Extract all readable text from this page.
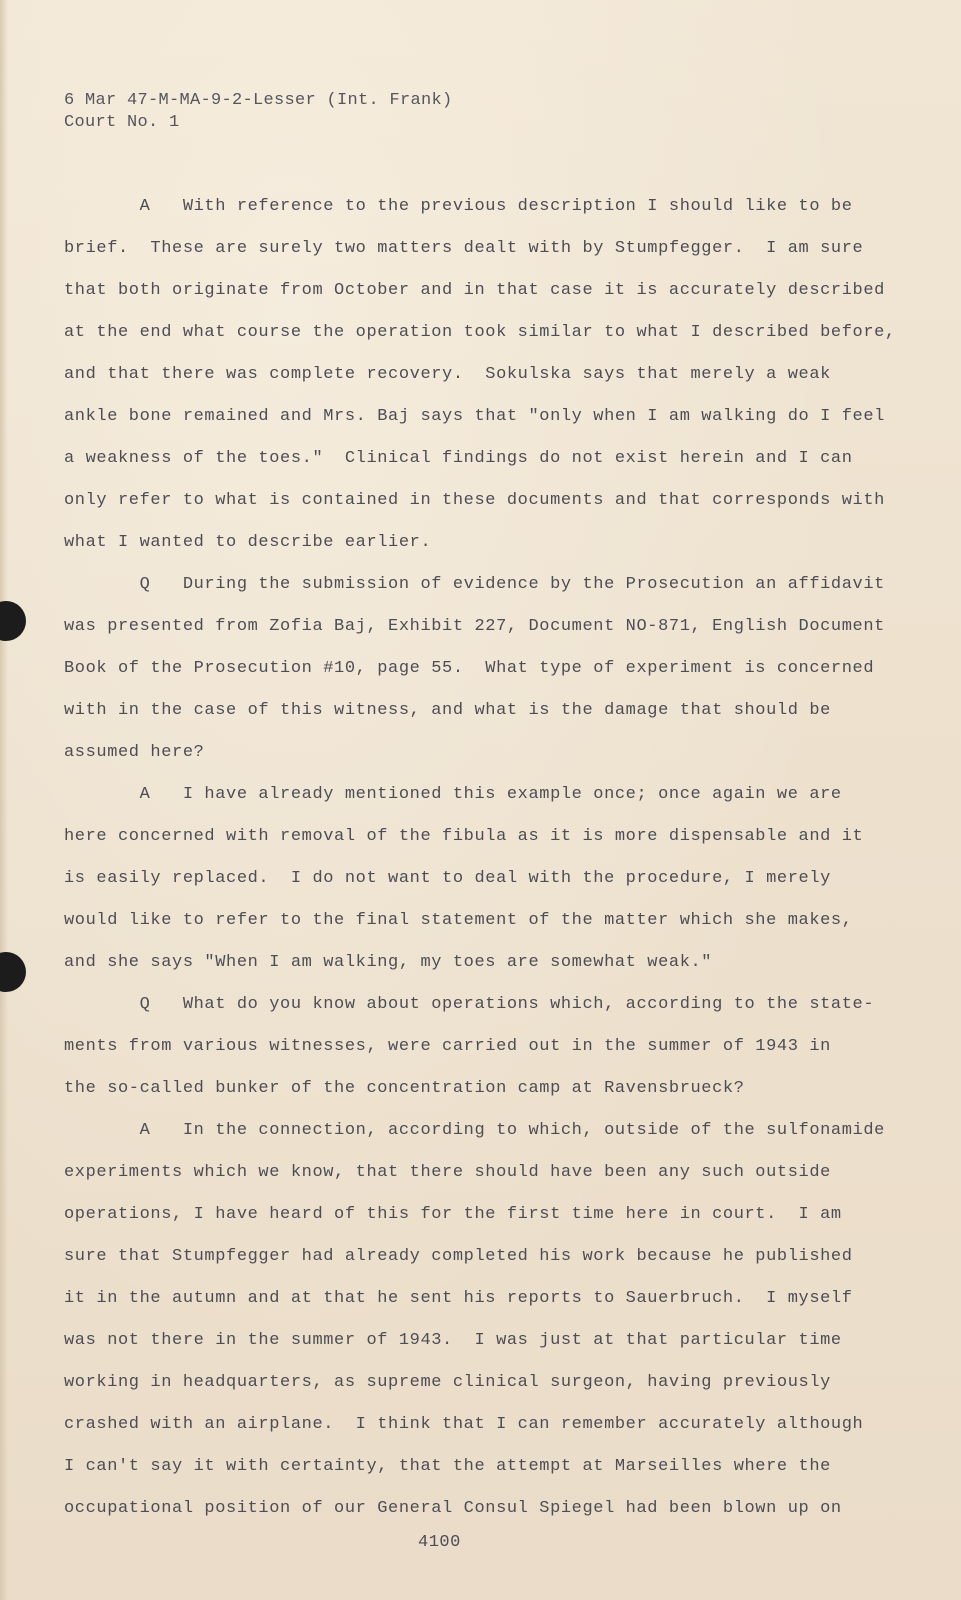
6 Mar 47-M-MA-9-2-Lesser (Int. Frank)
Court No. 1
A   With reference to the previous description I should like to be
brief.  These are surely two matters dealt with by Stumpfegger.  I am sure
that both originate from October and in that case it is accurately described
at the end what course the operation took similar to what I described before,
and that there was complete recovery.  Sokulska says that merely a weak
ankle bone remained and Mrs. Baj says that "only when I am walking do I feel
a weakness of the toes."  Clinical findings do not exist herein and I can
only refer to what is contained in these documents and that corresponds with
what I wanted to describe earlier.
Q   During the submission of evidence by the Prosecution an affidavit
was presented from Zofia Baj, Exhibit 227, Document NO-871, English Document
Book of the Prosecution #10, page 55.  What type of experiment is concerned
with in the case of this witness, and what is the damage that should be
assumed here?
A   I have already mentioned this example once; once again we are
here concerned with removal of the fibula as it is more dispensable and it
is easily replaced.  I do not want to deal with the procedure, I merely
would like to refer to the final statement of the matter which she makes,
and she says "When I am walking, my toes are somewhat weak."
Q   What do you know about operations which, according to the state-
ments from various witnesses, were carried out in the summer of 1943 in
the so-called bunker of the concentration camp at Ravensbrueck?
A   In the connection, according to which, outside of the sulfonamide
experiments which we know, that there should have been any such outside
operations, I have heard of this for the first time here in court.  I am
sure that Stumpfegger had already completed his work because he published
it in the autumn and at that he sent his reports to Sauerbruch.  I myself
was not there in the summer of 1943.  I was just at that particular time
working in headquarters, as supreme clinical surgeon, having previously
crashed with an airplane.  I think that I can remember accurately although
I can't say it with certainty, that the attempt at Marseilles where the
occupational position of our General Consul Spiegel had been blown up on
4100
